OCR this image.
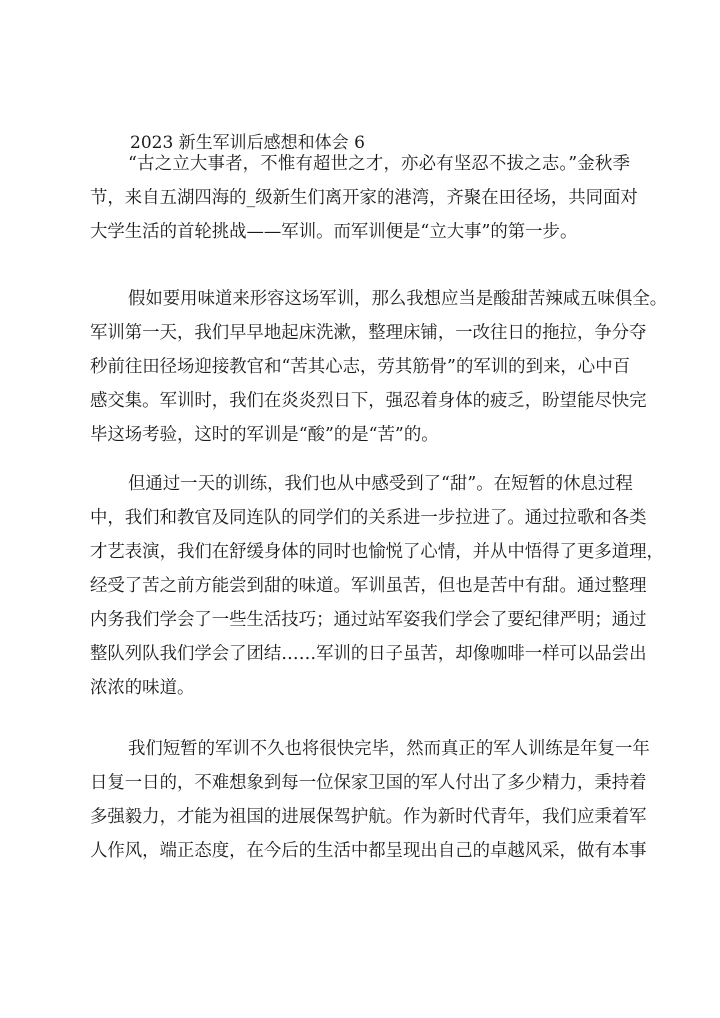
2023 新生军训后感想和体会 6
“古之立大事者，不惟有超世之才，亦必有坚忍不拔之志。”金秋季
节，来自五湖四海的_级新生们离开家的港湾，齐聚在田径场，共同面对
大学生活的首轮挑战——军训。而军训便是“立大事”的第一步。
假如要用味道来形容这场军训，那么我想应当是酸甜苦辣咸五味俱全。
军训第一天，我们早早地起床洗漱，整理床铺，一改往日的拖拉，争分夺
秒前往田径场迎接教官和“苦其心志，劳其筋骨”的军训的到来，心中百
感交集。军训时，我们在炎炎烈日下，强忍着身体的疲乏，盼望能尽快完
毕这场考验，这时的军训是“酸”的是“苦”的。
但通过一天的训练，我们也从中感受到了“甜”。在短暂的休息过程
中，我们和教官及同连队的同学们的关系进一步拉进了。通过拉歌和各类
才艺表演，我们在舒缓身体的同时也愉悦了心情，并从中悟得了更多道理，
经受了苦之前方能尝到甜的味道。军训虽苦，但也是苦中有甜。通过整理
内务我们学会了一些生活技巧；通过站军姿我们学会了要纪律严明；通过
整队列队我们学会了团结……军训的日子虽苦，却像咖啡一样可以品尝出
浓浓的味道。
我们短暂的军训不久也将很快完毕，然而真正的军人训练是年复一年
日复一日的，不难想象到每一位保家卫国的军人付出了多少精力，秉持着
多强毅力，才能为祖国的进展保驾护航。作为新时代青年，我们应秉着军
人作风，端正态度，在今后的生活中都呈现出自己的卓越风采，做有本事
